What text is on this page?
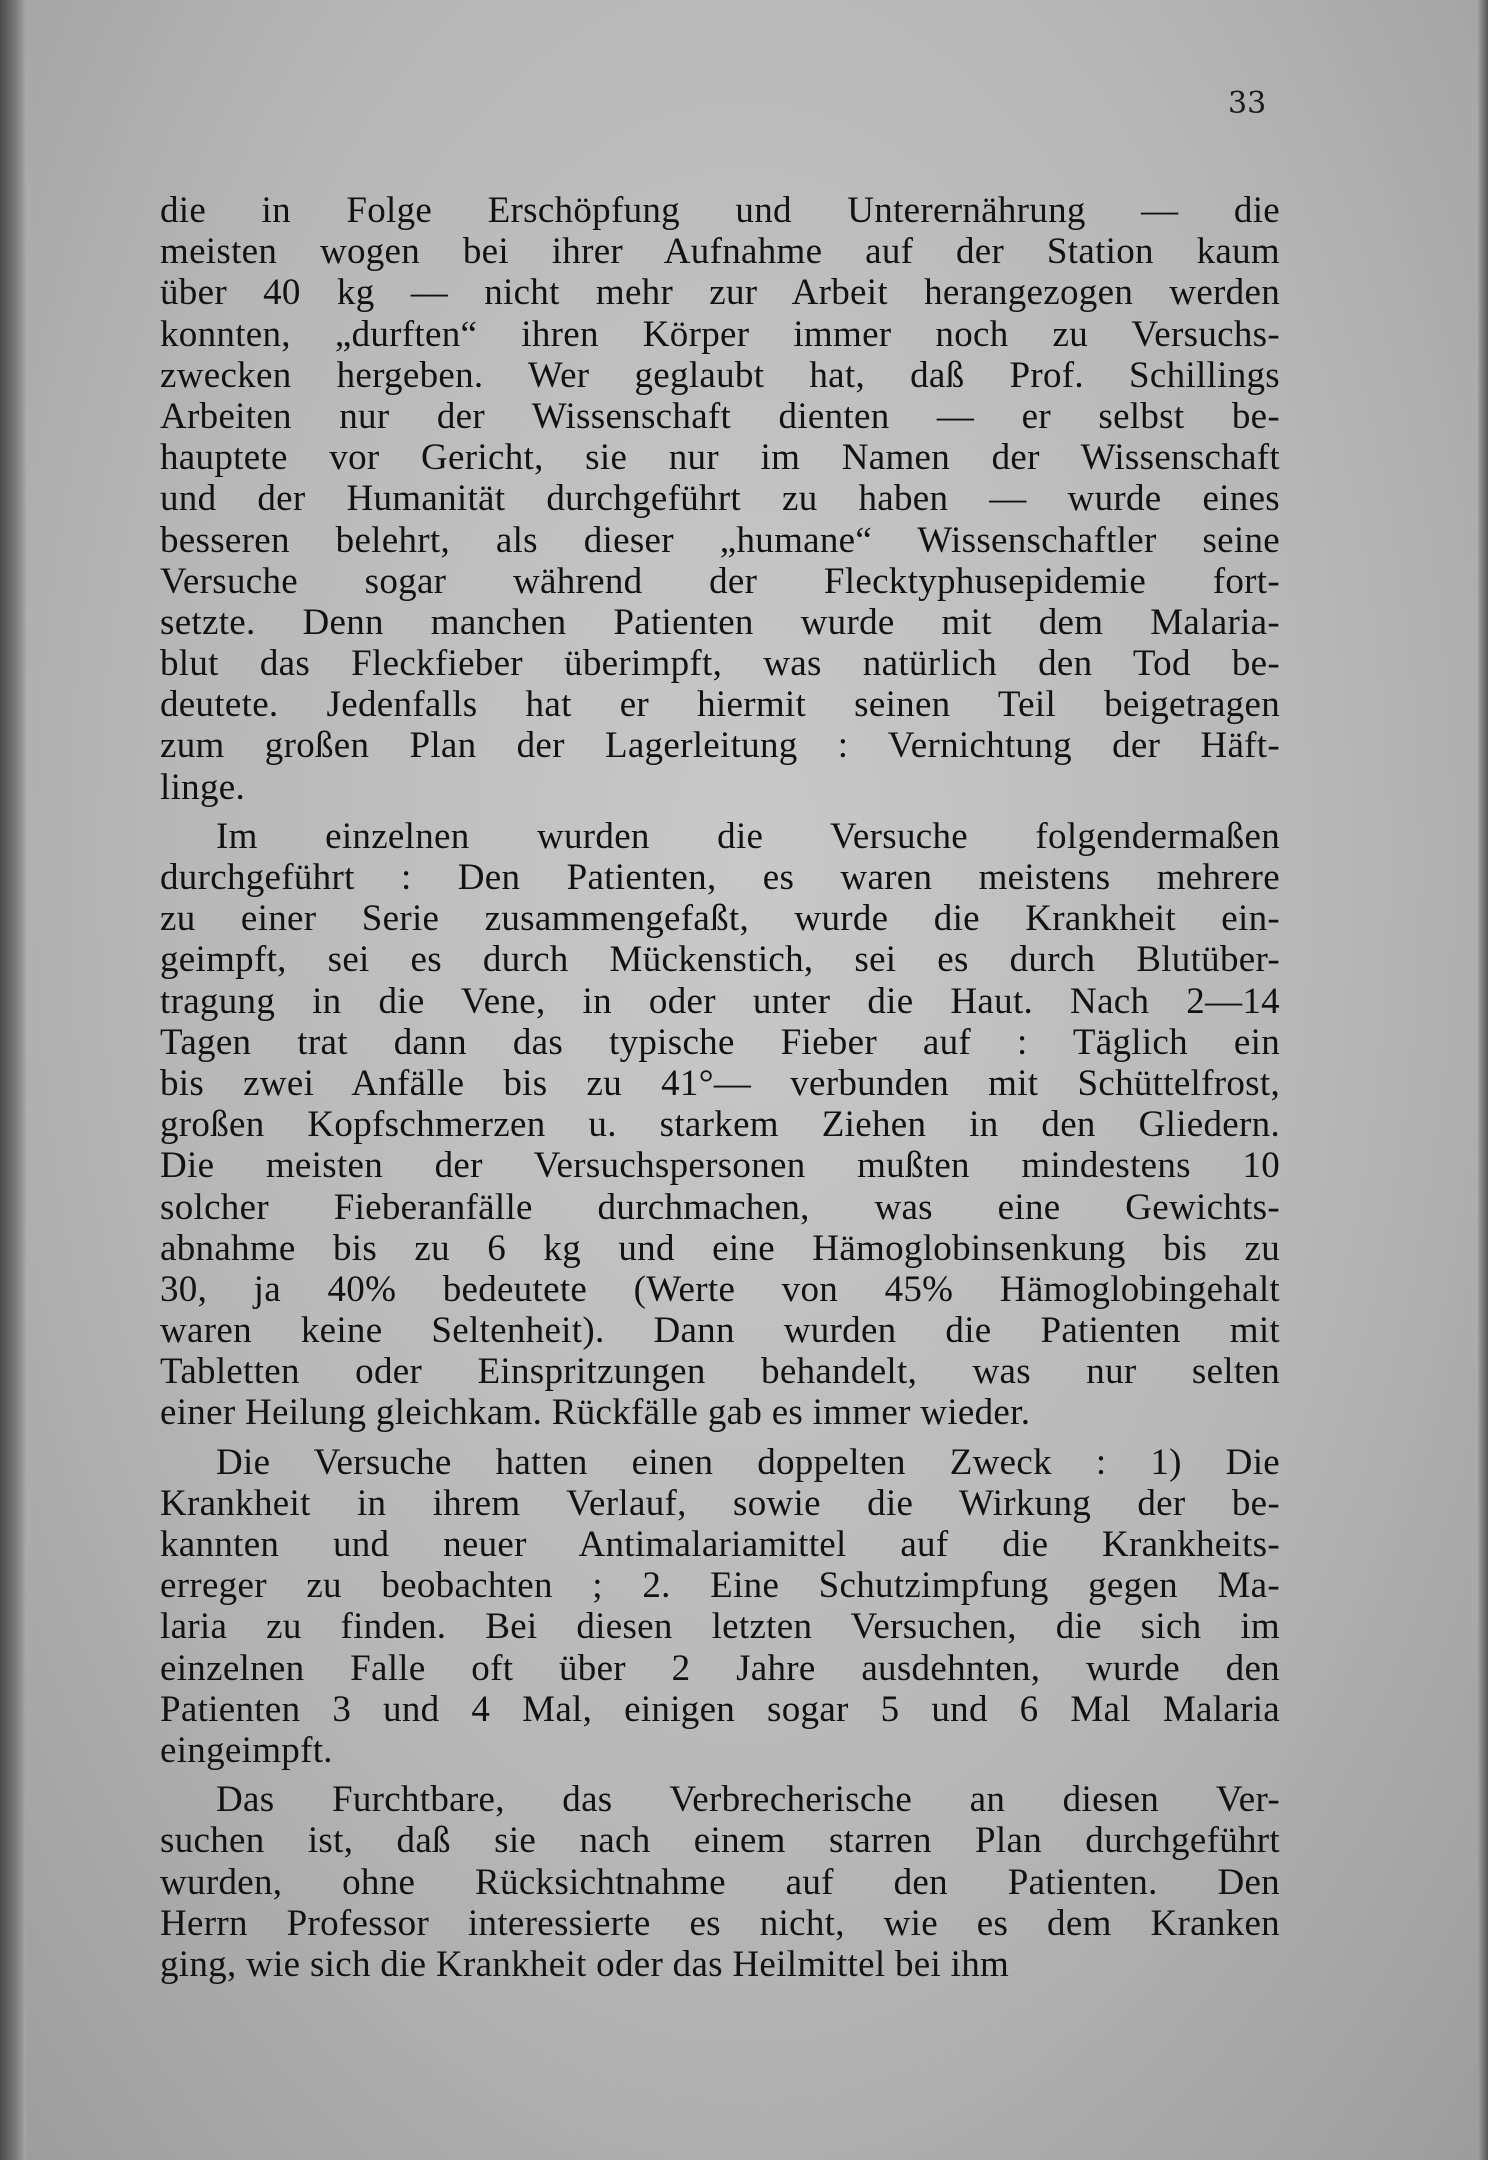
33
die in Folge Erschöpfung und Unterernährung — die
meisten wogen bei ihrer Aufnahme auf der Station kaum
über 40 kg — nicht mehr zur Arbeit herangezogen werden
konnten, „durften“ ihren Körper immer noch zu Versuchs-
zwecken hergeben. Wer geglaubt hat, daß Prof. Schillings
Arbeiten nur der Wissenschaft dienten — er selbst be-
hauptete vor Gericht, sie nur im Namen der Wissenschaft
und der Humanität durchgeführt zu haben — wurde eines
besseren belehrt, als dieser „humane“ Wissenschaftler seine
Versuche sogar während der Flecktyphusepidemie fort-
setzte. Denn manchen Patienten wurde mit dem Malaria-
blut das Fleckfieber überimpft, was natürlich den Tod be-
deutete. Jedenfalls hat er hiermit seinen Teil beigetragen
zum großen Plan der Lagerleitung : Vernichtung der Häft-
linge.
Im einzelnen wurden die Versuche folgendermaßen
durchgeführt : Den Patienten, es waren meistens mehrere
zu einer Serie zusammengefaßt, wurde die Krankheit ein-
geimpft, sei es durch Mückenstich, sei es durch Blutüber-
tragung in die Vene, in oder unter die Haut. Nach 2—14
Tagen trat dann das typische Fieber auf : Täglich ein
bis zwei Anfälle bis zu 41°— verbunden mit Schüttelfrost,
großen Kopfschmerzen u. starkem Ziehen in den Gliedern.
Die meisten der Versuchspersonen mußten mindestens 10
solcher Fieberanfälle durchmachen, was eine Gewichts-
abnahme bis zu 6 kg und eine Hämoglobinsenkung bis zu
30, ja 40% bedeutete (Werte von 45% Hämoglobingehalt
waren keine Seltenheit). Dann wurden die Patienten mit
Tabletten oder Einspritzungen behandelt, was nur selten
einer Heilung gleichkam. Rückfälle gab es immer wieder.
Die Versuche hatten einen doppelten Zweck : 1) Die
Krankheit in ihrem Verlauf, sowie die Wirkung der be-
kannten und neuer Antimalariamittel auf die Krankheits-
erreger zu beobachten ; 2. Eine Schutzimpfung gegen Ma-
laria zu finden. Bei diesen letzten Versuchen, die sich im
einzelnen Falle oft über 2 Jahre ausdehnten, wurde den
Patienten 3 und 4 Mal, einigen sogar 5 und 6 Mal Malaria
eingeimpft.
Das Furchtbare, das Verbrecherische an diesen Ver-
suchen ist, daß sie nach einem starren Plan durchgeführt
wurden, ohne Rücksichtnahme auf den Patienten. Den
Herrn Professor interessierte es nicht, wie es dem Kranken
ging, wie sich die Krankheit oder das Heilmittel bei ihm
